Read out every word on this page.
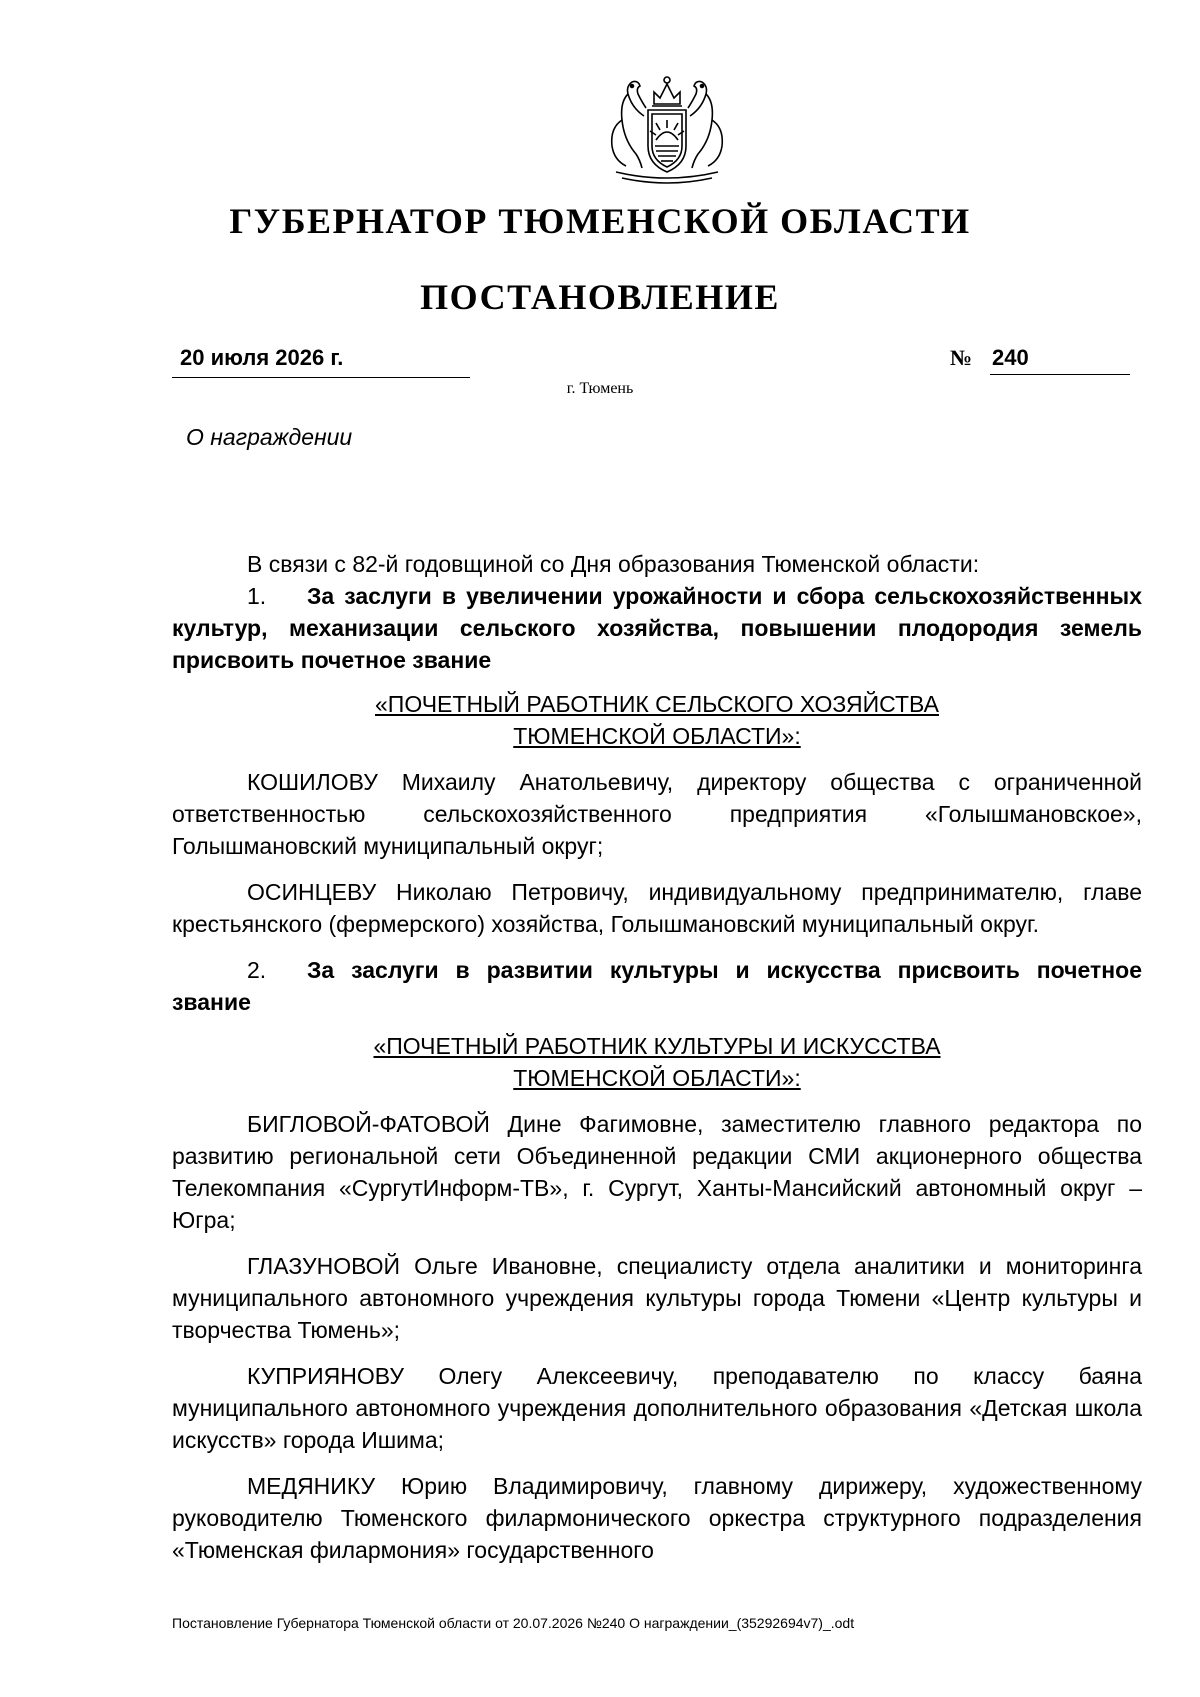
ГУБЕРНАТОР ТЮМЕНСКОЙ ОБЛАСТИ
ПОСТАНОВЛЕНИЕ
20 июля 2026 г.	№ 240
г. Тюмень
О награждении

В связи с 82-й годовщиной со Дня образования Тюменской области:

1. За заслуги в увеличении урожайности и сбора сельскохозяйственных культур, механизации сельского хозяйства, повышении плодородия земель присвоить почетное звание

«ПОЧЕТНЫЙ РАБОТНИК СЕЛЬСКОГО ХОЗЯЙСТВА
ТЮМЕНСКОЙ ОБЛАСТИ»:

КОШИЛОВУ Михаилу Анатольевичу, директору общества с ограниченной ответственностью сельскохозяйственного предприятия «Голышмановское», Голышмановский муниципальный округ;

ОСИНЦЕВУ Николаю Петровичу, индивидуальному предпринимателю, главе крестьянского (фермерского) хозяйства, Голышмановский муниципальный округ.

2. За заслуги в развитии культуры и искусства присвоить почетное звание

«ПОЧЕТНЫЙ РАБОТНИК КУЛЬТУРЫ И ИСКУССТВА
ТЮМЕНСКОЙ ОБЛАСТИ»:

БИГЛОВОЙ-ФАТОВОЙ Дине Фагимовне, заместителю главного редактора по развитию региональной сети Объединенной редакции СМИ акционерного общества Телекомпания «СургутИнформ-ТВ», г. Сургут, Ханты-Мансийский автономный округ – Югра;

ГЛАЗУНОВОЙ Ольге Ивановне, специалисту отдела аналитики и мониторинга муниципального автономного учреждения культуры города Тюмени «Центр культуры и творчества Тюмень»;

КУПРИЯНОВУ Олегу Алексеевичу, преподавателю по классу баяна муниципального автономного учреждения дополнительного образования «Детская школа искусств» города Ишима;

МЕДЯНИКУ Юрию Владимировичу, главному дирижеру, художественному руководителю Тюменского филармонического оркестра структурного подразделения «Тюменская филармония» государственного

Постановление Губернатора Тюменской области от 20.07.2026 №240 О награждении_(35292694v7)_.odt
